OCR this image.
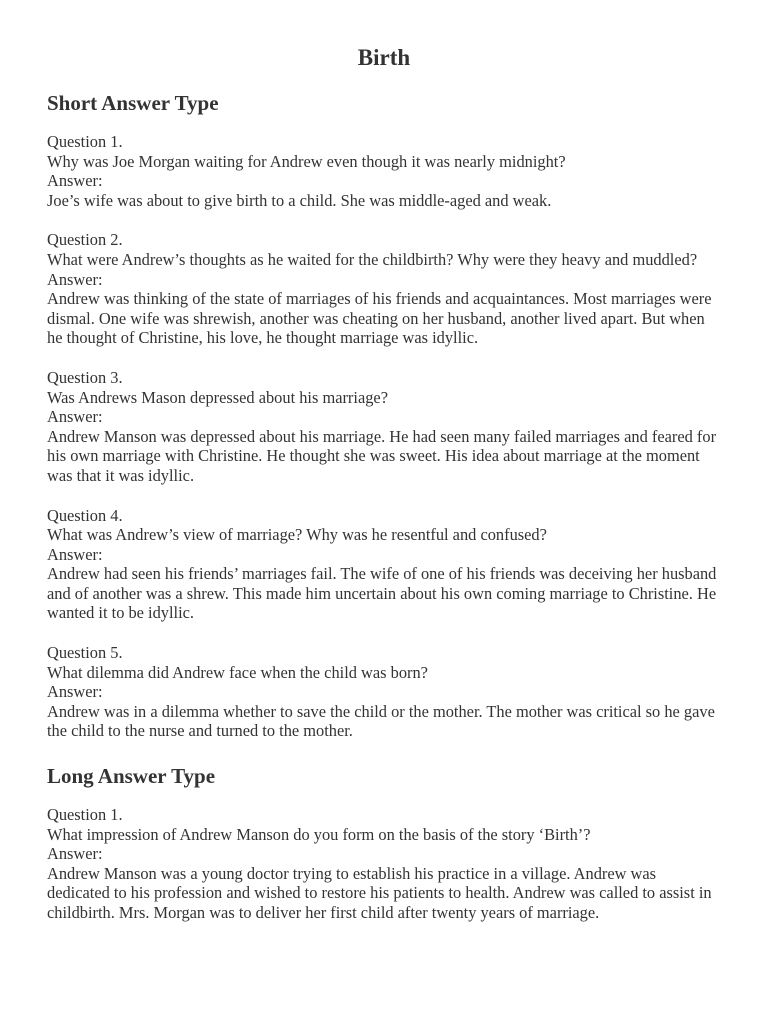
Birth
Short Answer Type

Question 1.

Why was Joe Morgan waiting for Andrew even though it was nearly midnight?

Answer:

Joe’s wife was about to give birth to a child. She was middle-aged and weak.

Question 2.

What were Andrew’s thoughts as he waited for the childbirth? Why were they heavy and muddled?

Answer:

Andrew was thinking of the state of marriages of his friends and acquaintances. Most marriages were dismal. One wife was shrewish, another was cheating on her husband, another lived apart. But when he thought of Christine, his love, he thought marriage was idyllic.

Question 3.

Was Andrews Mason depressed about his marriage?

Answer:

Andrew Manson was depressed about his marriage. He had seen many failed marriages and feared for his own marriage with Christine. He thought she was sweet. His idea about marriage at the moment was that it was idyllic.

Question 4.

What was Andrew’s view of marriage? Why was he resentful and confused?

Answer:

Andrew had seen his friends’ marriages fail. The wife of one of his friends was deceiving her husband and of another was a shrew. This made him uncertain about his own coming marriage to Christine. He wanted it to be idyllic.

Question 5.

What dilemma did Andrew face when the child was born?

Answer:

Andrew was in a dilemma whether to save the child or the mother. The mother was critical so he gave the child to the nurse and turned to the mother.

Long Answer Type

Question 1.

What impression of Andrew Manson do you form on the basis of the story ‘Birth’?

Answer:

Andrew Manson was a young doctor trying to establish his practice in a village. Andrew was dedicated to his profession and wished to restore his patients to health. Andrew was called to assist in childbirth. Mrs. Morgan was to deliver her first child after twenty years of marriage.
